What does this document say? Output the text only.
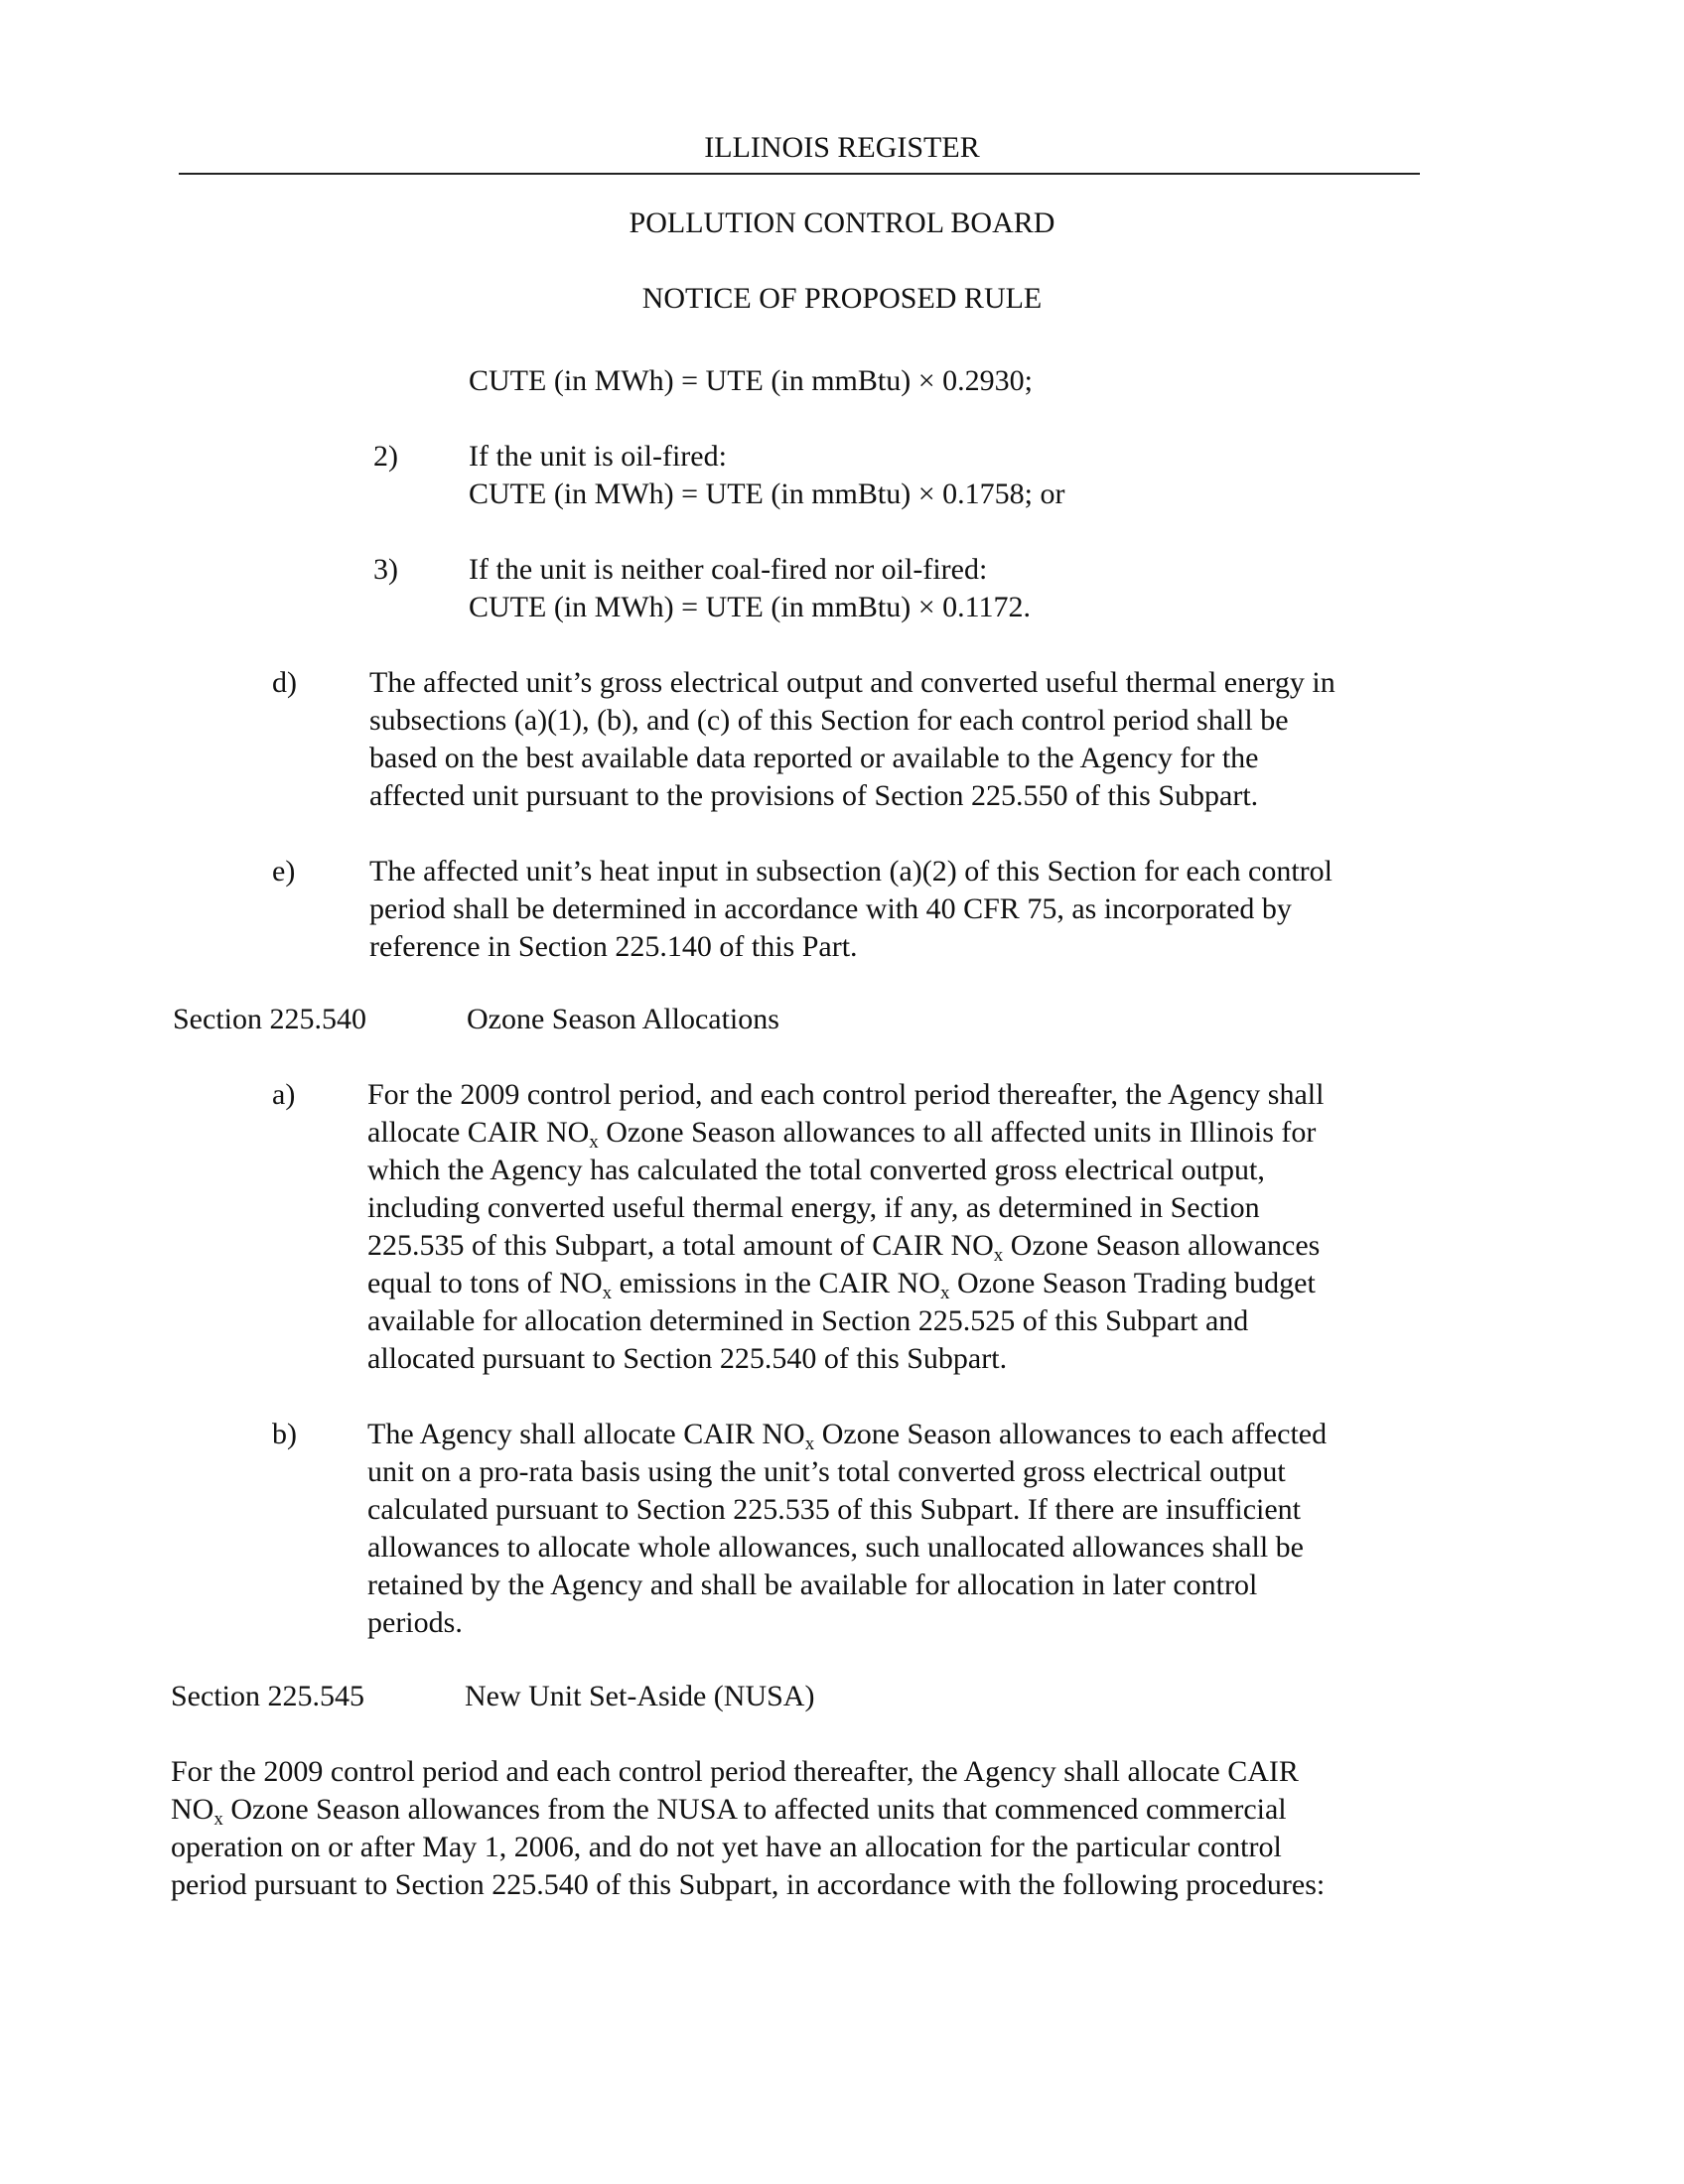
ILLINOIS REGISTER
POLLUTION CONTROL BOARD
NOTICE OF PROPOSED RULE
CUTE (in MWh) = UTE (in mmBtu) × 0.2930;
2) If the unit is oil-fired:
CUTE (in MWh) = UTE (in mmBtu) × 0.1758; or
3) If the unit is neither coal-fired nor oil-fired:
CUTE (in MWh) = UTE (in mmBtu) × 0.1172.
d) The affected unit’s gross electrical output and converted useful thermal energy in
subsections (a)(1), (b), and (c) of this Section for each control period shall be
based on the best available data reported or available to the Agency for the
affected unit pursuant to the provisions of Section 225.550 of this Subpart.
e) The affected unit’s heat input in subsection (a)(2) of this Section for each control
period shall be determined in accordance with 40 CFR 75, as incorporated by
reference in Section 225.140 of this Part.
Section 225.540	Ozone Season Allocations
a) For the 2009 control period, and each control period thereafter, the Agency shall
allocate CAIR $NO_x$ Ozone Season allowances to all affected units in Illinois for
which the Agency has calculated the total converted gross electrical output,
including converted useful thermal energy, if any, as determined in Section
225.535 of this Subpart, a total amount of CAIR $NO_x$ Ozone Season allowances
equal to tons of $NO_x$ emissions in the CAIR $NO_x$ Ozone Season Trading budget
available for allocation determined in Section 225.525 of this Subpart and
allocated pursuant to Section 225.540 of this Subpart.
b) The Agency shall allocate CAIR $NO_x$ Ozone Season allowances to each affected
unit on a pro-rata basis using the unit’s total converted gross electrical output
calculated pursuant to Section 225.535 of this Subpart. If there are insufficient
allowances to allocate whole allowances, such unallocated allowances shall be
retained by the Agency and shall be available for allocation in later control
periods.
Section 225.545	New Unit Set-Aside (NUSA)
For the 2009 control period and each control period thereafter, the Agency shall allocate CAIR
$NO_x$ Ozone Season allowances from the NUSA to affected units that commenced commercial
operation on or after May 1, 2006, and do not yet have an allocation for the particular control
period pursuant to Section 225.540 of this Subpart, in accordance with the following procedures:
